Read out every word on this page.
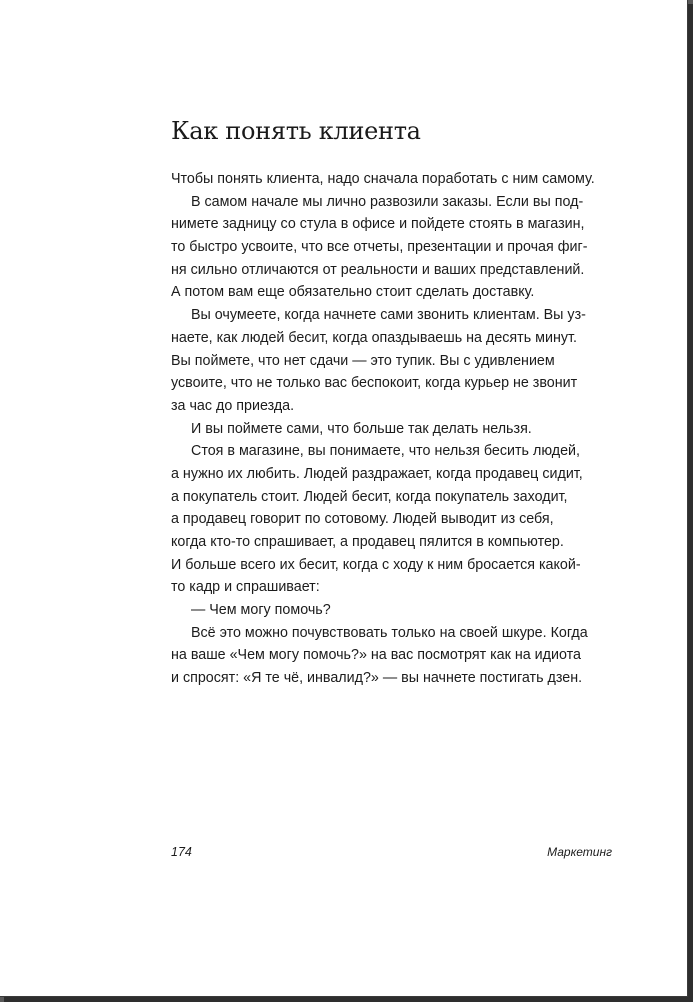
Как понять клиента
Чтобы понять клиента, надо сначала поработать с ним самому.
В самом начале мы лично развозили заказы. Если вы под-
нимете задницу со стула в офисе и пойдете стоять в магазин,
то быстро усвоите, что все отчеты, презентации и прочая фиг-
ня сильно отличаются от реальности и ваших представлений.
А потом вам еще обязательно стоит сделать доставку.
Вы очумеете, когда начнете сами звонить клиентам. Вы уз-
наете, как людей бесит, когда опаздываешь на десять минут.
Вы поймете, что нет сдачи — это тупик. Вы с удивлением
усвоите, что не только вас беспокоит, когда курьер не звонит
за час до приезда.
И вы поймете сами, что больше так делать нельзя.
Стоя в магазине, вы понимаете, что нельзя бесить людей,
а нужно их любить. Людей раздражает, когда продавец сидит,
а покупатель стоит. Людей бесит, когда покупатель заходит,
а продавец говорит по сотовому. Людей выводит из себя,
когда кто-то спрашивает, а продавец пялится в компьютер.
И больше всего их бесит, когда с ходу к ним бросается какой-
то кадр и спрашивает:
— Чем могу помочь?
Всё это можно почувствовать только на своей шкуре. Когда
на ваше «Чем могу помочь?» на вас посмотрят как на идиота
и спросят: «Я те чё, инвалид?» — вы начнете постигать дзен.
174	Маркетинг
